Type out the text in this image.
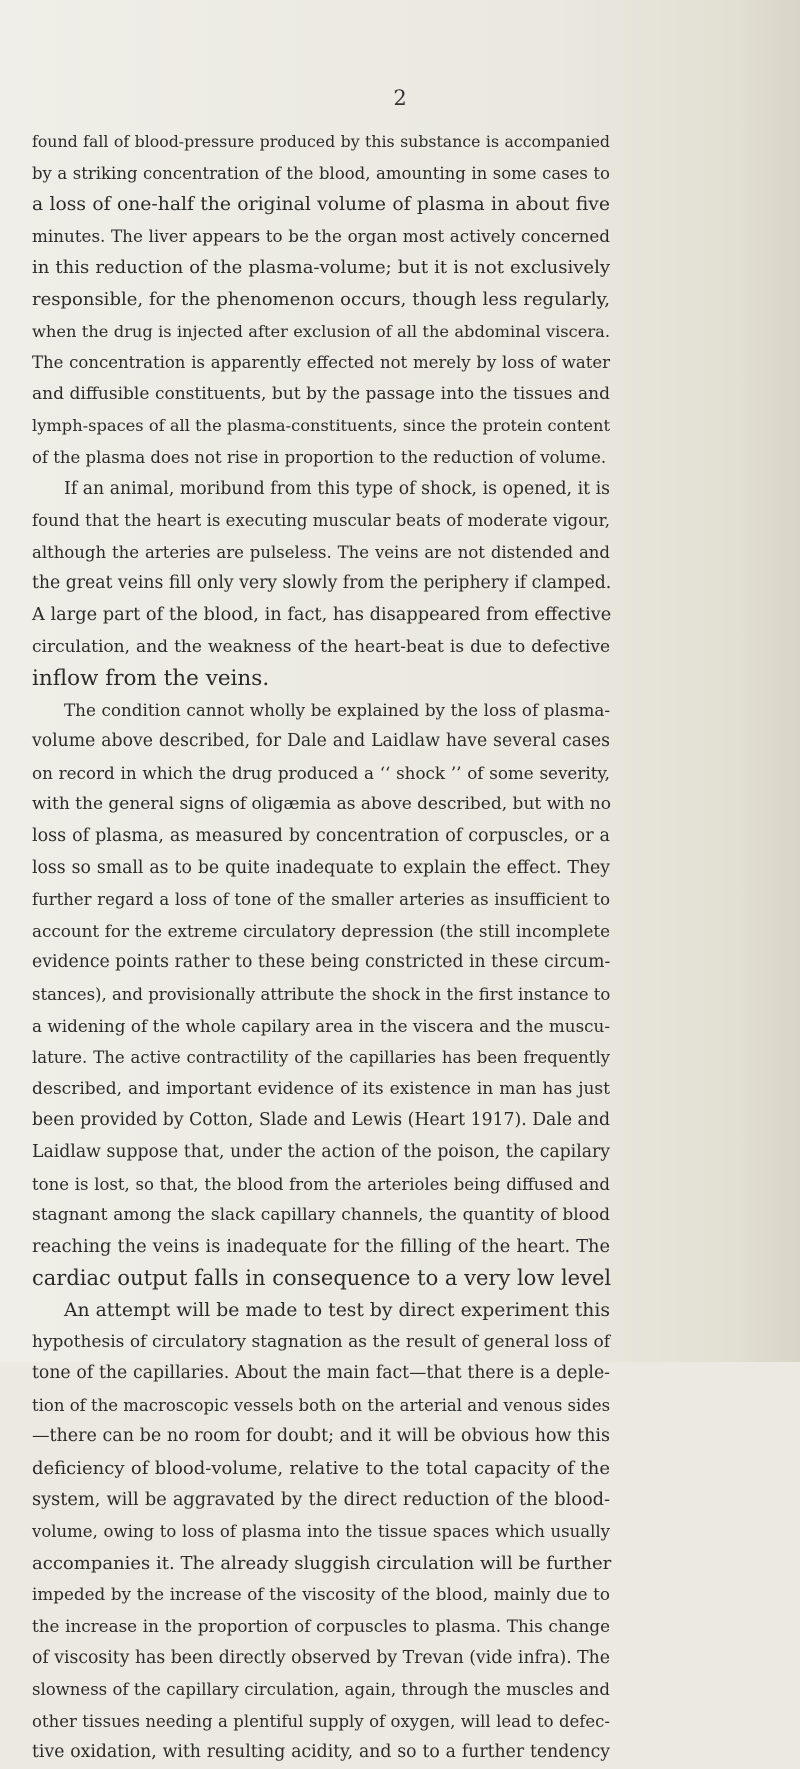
2
found fall of blood-pressure produced by this substance is accompanied
by a striking concentration of the blood, amounting in some cases to
a loss of one-half the original volume of plasma in about five
minutes. The liver appears to be the organ most actively concerned
in this reduction of the plasma-volume; but it is not exclusively
responsible, for the phenomenon occurs, though less regularly,
when the drug is injected after exclusion of all the abdominal viscera.
The concentration is apparently effected not merely by loss of water
and diffusible constituents, but by the passage into the tissues and
lymph-spaces of all the plasma-constituents, since the protein content
of the plasma does not rise in proportion to the reduction of volume.
If an animal, moribund from this type of shock, is opened, it is
found that the heart is executing muscular beats of moderate vigour,
although the arteries are pulseless. The veins are not distended and
the great veins fill only very slowly from the periphery if clamped.
A large part of the blood, in fact, has disappeared from effective
circulation, and the weakness of the heart-beat is due to defective
inflow from the veins.
The condition cannot wholly be explained by the loss of plasma-
volume above described, for Dale and Laidlaw have several cases
on record in which the drug produced a ‘‘ shock ’’ of some severity,
with the general signs of oligæmia as above described, but with no
loss of plasma, as measured by concentration of corpuscles, or a
loss so small as to be quite inadequate to explain the effect. They
further regard a loss of tone of the smaller arteries as insufficient to
account for the extreme circulatory depression (the still incomplete
evidence points rather to these being constricted in these circum-
stances), and provisionally attribute the shock in the first instance to
a widening of the whole capilary area in the viscera and the muscu-
lature. The active contractility of the capillaries has been frequently
described, and important evidence of its existence in man has just
been provided by Cotton, Slade and Lewis (Heart 1917). Dale and
Laidlaw suppose that, under the action of the poison, the capilary
tone is lost, so that, the blood from the arterioles being diffused and
stagnant among the slack capillary channels, the quantity of blood
reaching the veins is inadequate for the filling of the heart. The
cardiac output falls in consequence to a very low level
An attempt will be made to test by direct experiment this
hypothesis of circulatory stagnation as the result of general loss of
tone of the capillaries. About the main fact—that there is a deple-
tion of the macroscopic vessels both on the arterial and venous sides
—there can be no room for doubt; and it will be obvious how this
deficiency of blood-volume, relative to the total capacity of the
system, will be aggravated by the direct reduction of the blood-
volume, owing to loss of plasma into the tissue spaces which usually
accompanies it. The already sluggish circulation will be further
impeded by the increase of the viscosity of the blood, mainly due to
the increase in the proportion of corpuscles to plasma. This change
of viscosity has been directly observed by Trevan (vide infra). The
slowness of the capillary circulation, again, through the muscles and
other tissues needing a plentiful supply of oxygen, will lead to defec-
tive oxidation, with resulting acidity, and so to a further tendency
